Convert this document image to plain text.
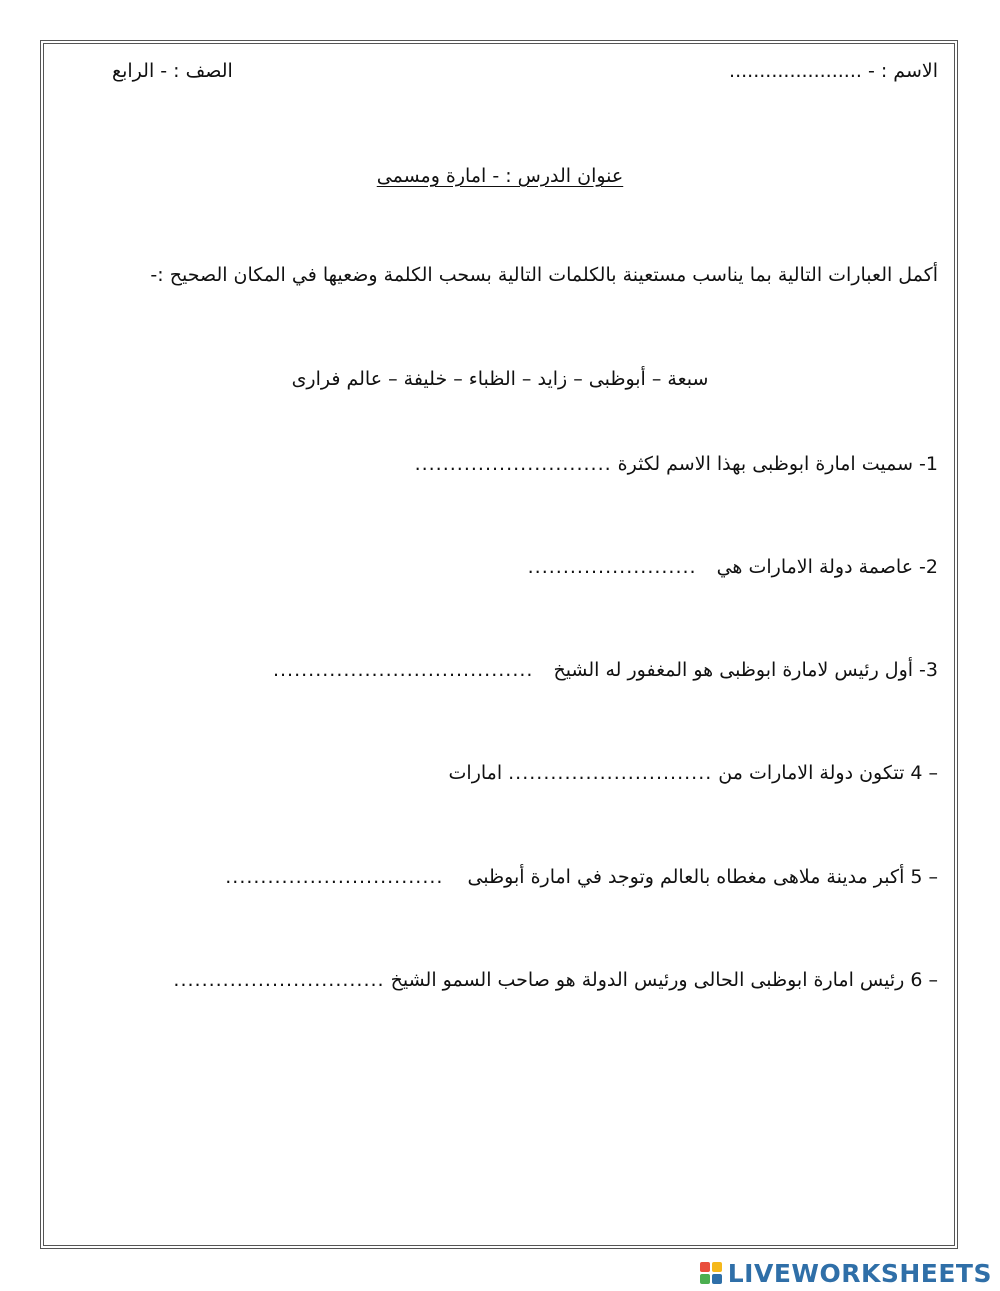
الاسم : - ......................
الصف : - الرابع
عنوان الدرس : - امارة ومسمى
أكمل العبارات التالية بما يناسب مستعينة بالكلمات التالية بسحب الكلمة وضعيها في المكان الصحيح :-
سبعة – أبوظبى – زايد – الظباء – خليفة – عالم فرارى
-1
سميت امارة ابوظبى بهذا الاسم لكثرة
............................
-2
عاصمة دولة الامارات هي
........................
-3
أول رئيس لامارة ابوظبى هو المغفور له الشيخ
.....................................
4 –
تتكون دولة الامارات من
.............................
امارات
5 –
أكبر مدينة ملاهى مغطاه بالعالم وتوجد في امارة أبوظبى
...............................
6 –
رئيس امارة ابوظبى الحالى ورئيس الدولة هو صاحب السمو الشيخ
..............................
LIVEWORKSHEETS
